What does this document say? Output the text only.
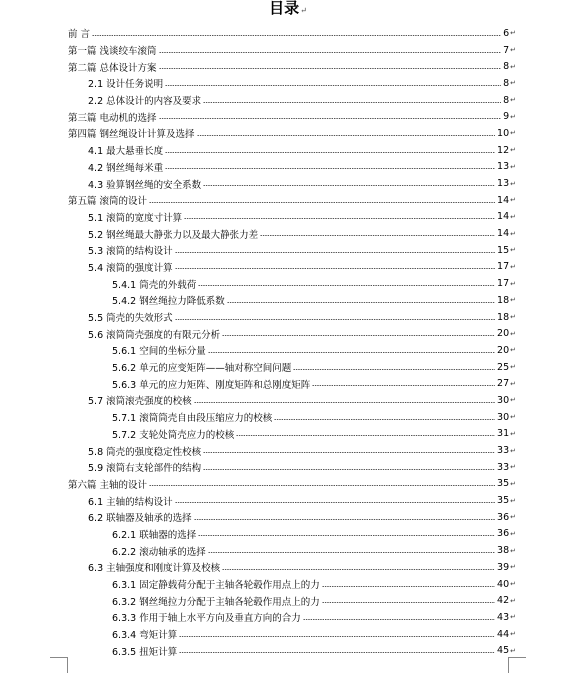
目录↵
前 言	6 ↵
第一篇 浅谈绞车滚筒	7 ↵
第二篇 总体设计方案	8 ↵
2.1 设计任务说明	8 ↵
2.2 总体设计的内容及要求	8 ↵
第三篇 电动机的选择	9 ↵
第四篇 钢丝绳设计计算及选择	10 ↵
4.1 最大悬垂长度	12 ↵
4.2 钢丝绳每米重	13 ↵
4.3 验算钢丝绳的安全系数	13 ↵
第五篇 滚筒的设计	14 ↵
5.1 滚筒的宽度寸计算	14 ↵
5.2 钢丝绳最大静张力以及最大静张力差	14 ↵
5.3 滚筒的结构设计	15 ↵
5.4 滚筒的强度计算	17 ↵
5.4.1 筒壳的外载荷	17 ↵
5.4.2 钢丝绳拉力降低系数	18 ↵
5.5 筒壳的失效形式	18 ↵
5.6 滚筒筒壳强度的有限元分析	20 ↵
5.6.1 空间的坐标分量	20 ↵
5.6.2 单元的应变矩阵——轴对称空间问题	25 ↵
5.6.3 单元的应力矩阵、刚度矩阵和总刚度矩阵	27 ↵
5.7 滚筒滚壳强度的校核	30 ↵
5.7.1 滚筒筒壳自由段压缩应力的校核	30 ↵
5.7.2 支轮处筒壳应力的校核	31 ↵
5.8 筒壳的强度稳定性校核	33 ↵
5.9 滚筒右支轮部件的结构	33 ↵
第六篇 主轴的设计	35 ↵
6.1 主轴的结构设计	35 ↵
6.2 联轴器及轴承的选择	36 ↵
6.2.1 联轴器的选择	36 ↵
6.2.2 滚动轴承的选择	38 ↵
6.3 主轴强度和刚度计算及校核	39 ↵
6.3.1 固定静载荷分配于主轴各轮毂作用点上的力	40 ↵
6.3.2 钢丝绳拉力分配于主轴各轮毂作用点上的力	42 ↵
6.3.3 作用于轴上水平方向及垂直方向的合力	43 ↵
6.3.4 弯矩计算	44 ↵
6.3.5 扭矩计算	45 ↵
